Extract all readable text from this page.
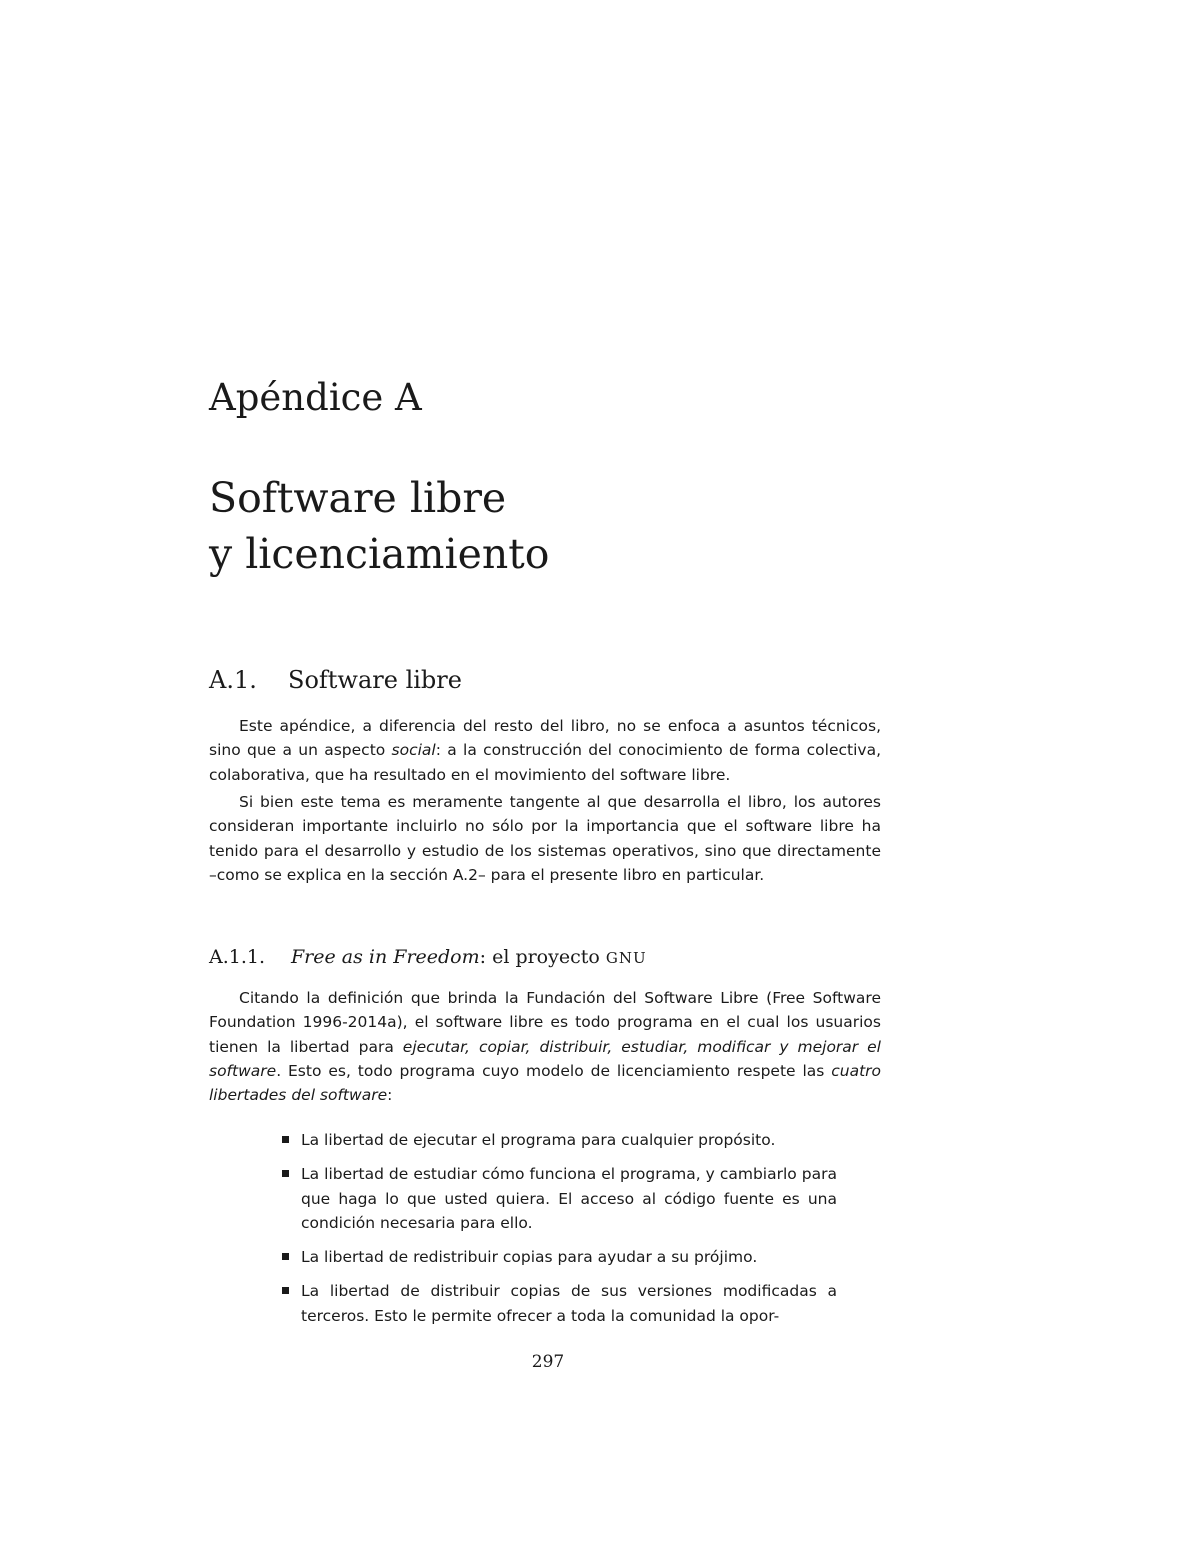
Apéndice A
Software libre
y licenciamiento
A.1. Software libre

Este apéndice, a diferencia del resto del libro, no se enfoca a asuntos técnicos, sino que a un aspecto social: a la construcción del conocimiento de forma colectiva, colaborativa, que ha resultado en el movimiento del software libre.

Si bien este tema es meramente tangente al que desarrolla el libro, los autores consideran importante incluirlo no sólo por la importancia que el software libre ha tenido para el desarrollo y estudio de los sistemas operativos, sino que directamente –como se explica en la sección A.2– para el presente libro en particular.

A.1.1. Free as in Freedom: el proyecto GNU

Citando la definición que brinda la Fundación del Software Libre (Free Software Foundation 1996-2014a), el software libre es todo programa en el cual los usuarios tienen la libertad para ejecutar, copiar, distribuir, estudiar, modificar y mejorar el software. Esto es, todo programa cuyo modelo de licenciamiento respete las cuatro libertades del software:

La libertad de ejecutar el programa para cualquier propósito.
La libertad de estudiar cómo funciona el programa, y cambiarlo para que haga lo que usted quiera. El acceso al código fuente es una condición necesaria para ello.
La libertad de redistribuir copias para ayudar a su prójimo.
La libertad de distribuir copias de sus versiones modificadas a terceros. Esto le permite ofrecer a toda la comunidad la opor-
297
